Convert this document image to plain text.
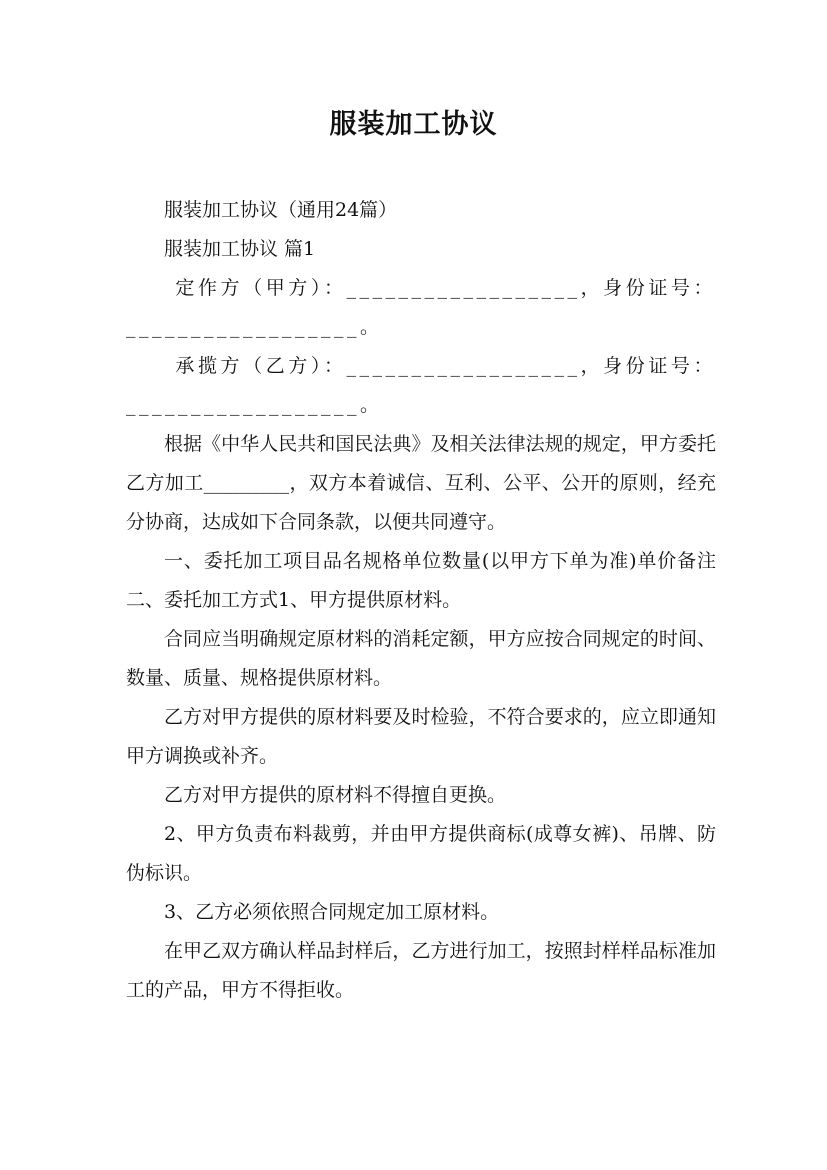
服装加工协议

服装加工协议（通用24篇）

服装加工协议 篇1

定作方（甲方）：__________________，身份证号：__________________。

承揽方（乙方）：__________________，身份证号：__________________。

根据《中华人民共和国民法典》及相关法律法规的规定，甲方委托乙方加工_________，双方本着诚信、互利、公平、公开的原则，经充分协商，达成如下合同条款，以便共同遵守。

一、委托加工项目品名规格单位数量(以甲方下单为准)单价备注二、委托加工方式1、甲方提供原材料。

合同应当明确规定原材料的消耗定额，甲方应按合同规定的时间、数量、质量、规格提供原材料。

乙方对甲方提供的原材料要及时检验，不符合要求的，应立即通知甲方调换或补齐。

乙方对甲方提供的原材料不得擅自更换。

2、甲方负责布料裁剪，并由甲方提供商标(成尊女裤)、吊牌、防伪标识。

3、乙方必须依照合同规定加工原材料。

在甲乙双方确认样品封样后，乙方进行加工，按照封样样品标准加工的产品，甲方不得拒收。
